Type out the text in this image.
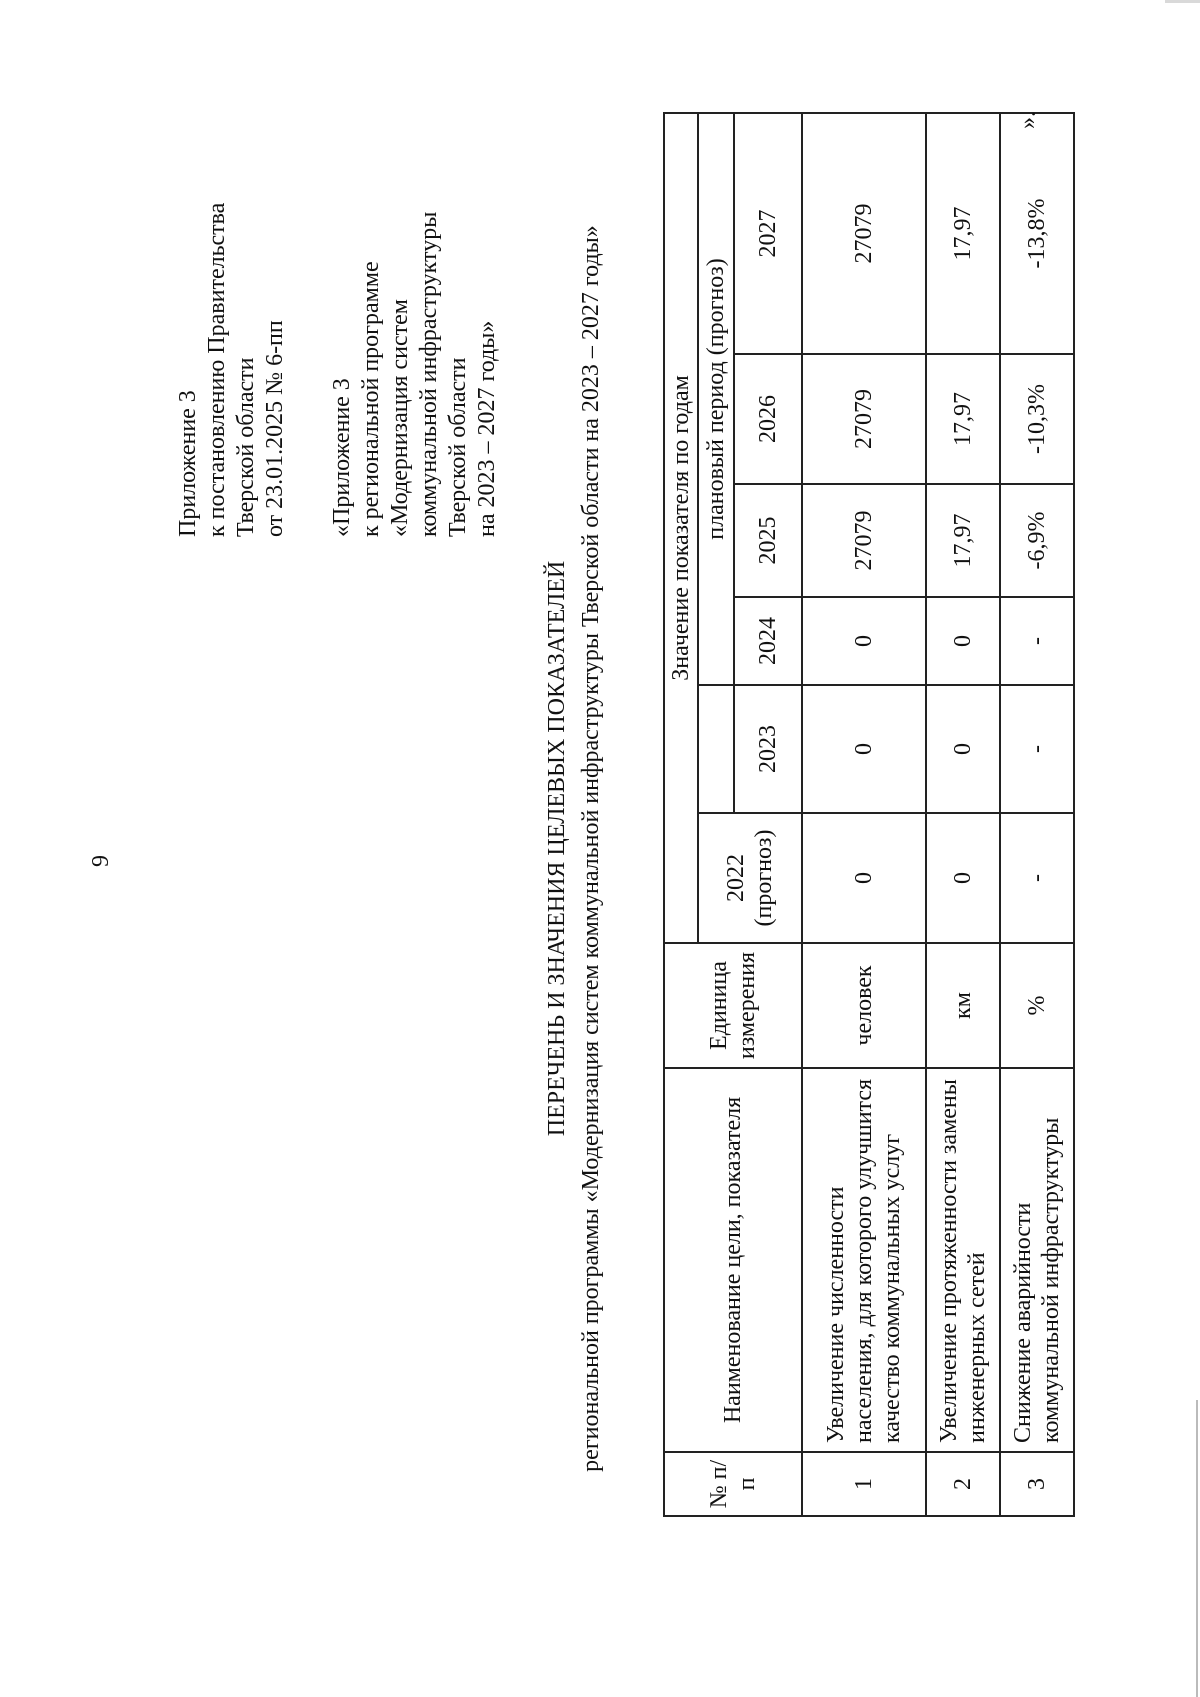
9
Приложение 3 к постановлению Правительства Тверской области от 23.01.2025 № 6-пп «Приложение 3 к региональной программе «Модернизация систем коммунальной инфраструктуры Тверской области на 2023 – 2027 годы»
ПЕРЕЧЕНЬ И ЗНАЧЕНИЯ ЦЕЛЕВЫХ ПОКАЗАТЕЛЕЙ региональной программы «Модернизация систем коммунальной инфраструктуры Тверской области на 2023 – 2027 годы»
№ п/п	Наименование цели, показателя	Единица измерения	Значение показателя по годам					

			2022 (прогноз)		плановый период (прогноз)			
				2023	2024	2025	2026	2027
1	Увеличение численности населения, для которого улучшится качество коммунальных услуг	человек	0	0	0	27079	27079	27079
2	Увеличение протяженности замены инженерных сетей	км	0	0	0	17,97	17,97	17,97
3	Снижение аварийности коммунальной инфраструктуры	%	-	-	-	-6,9%	-10,3%	-13,8%
».
